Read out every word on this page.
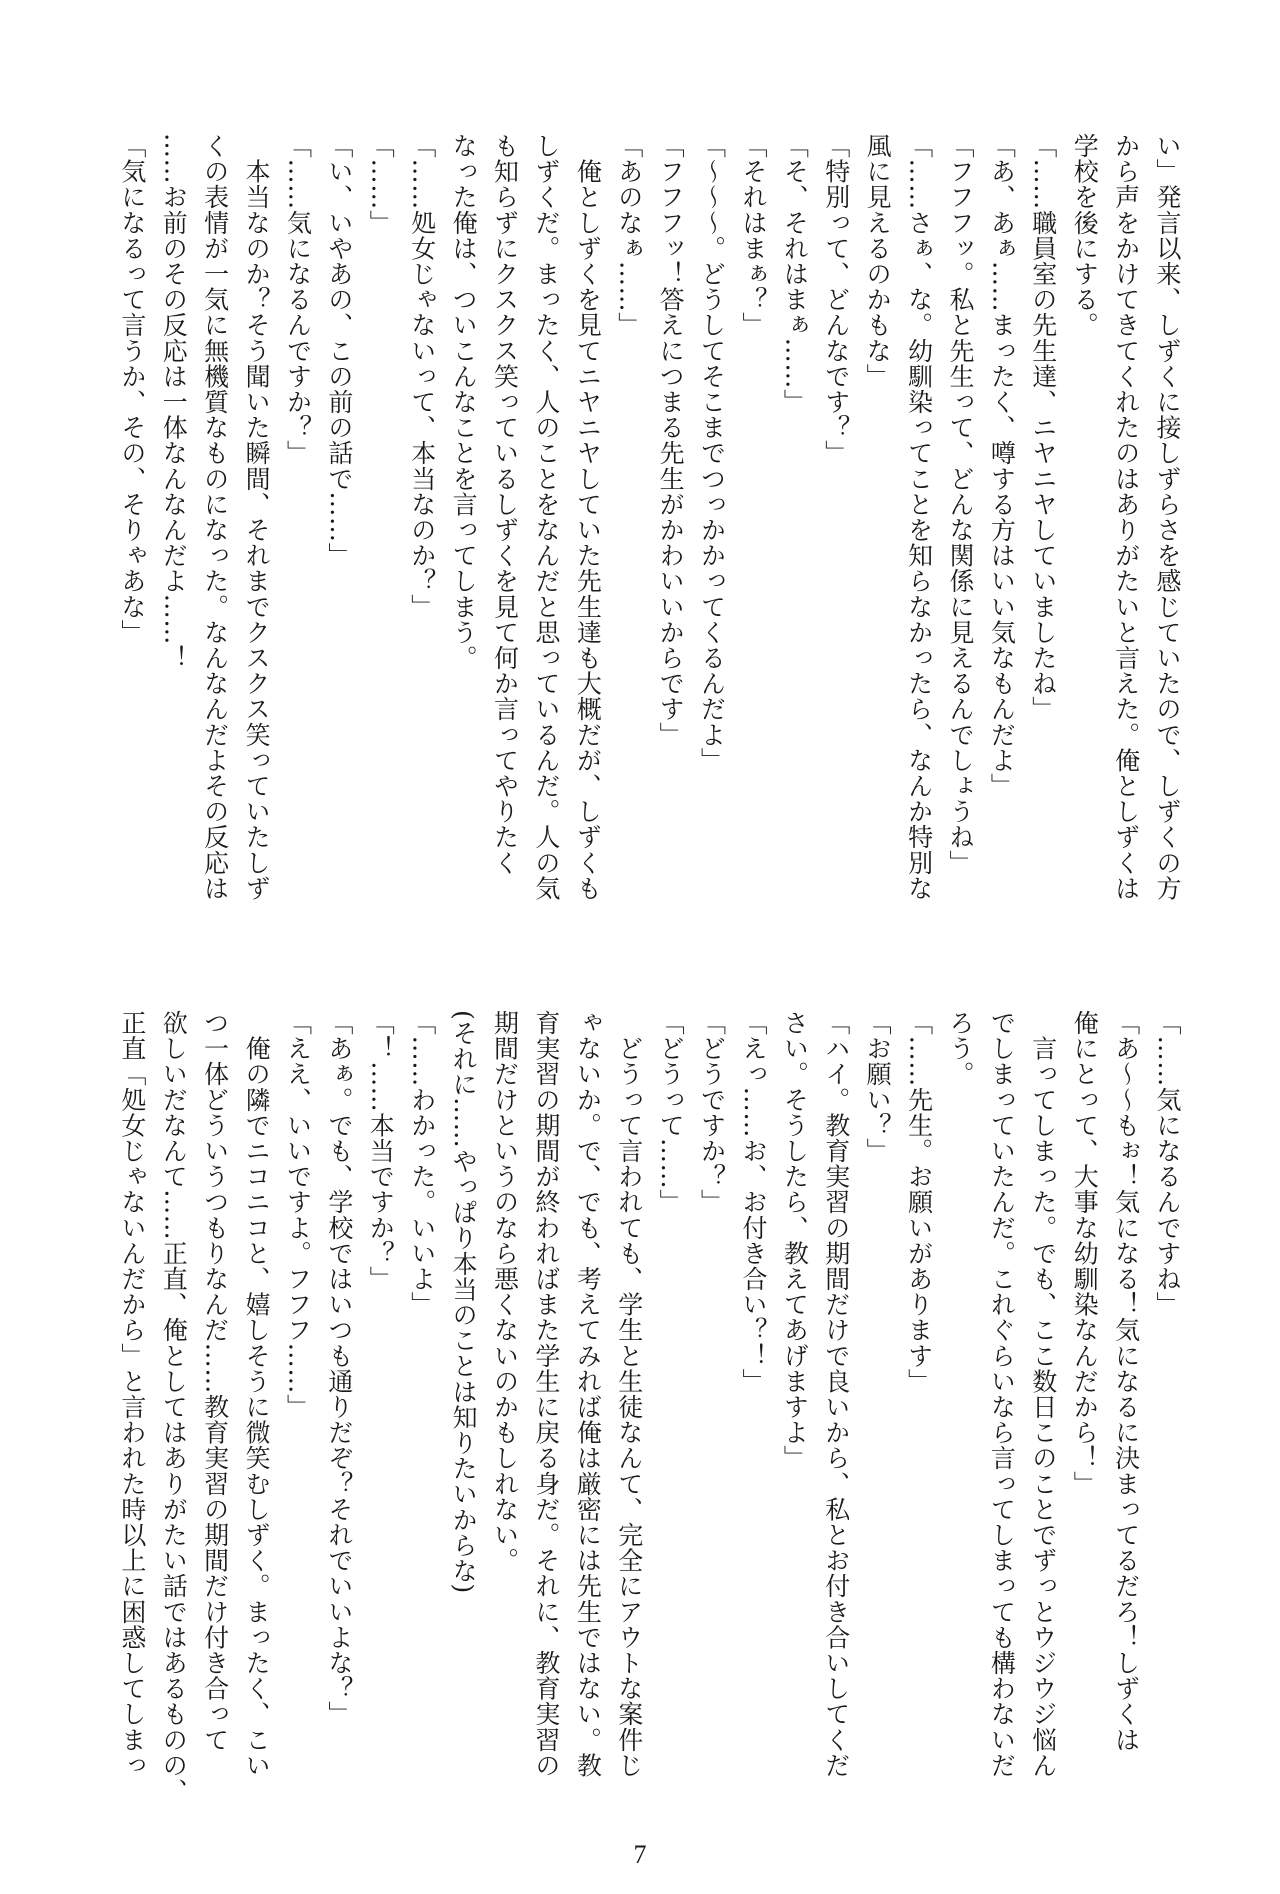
い」発言以来、しずくに接しずらさを感じていたので、しずくの方
から声をかけてきてくれたのはありがたいと言えた。俺としずくは
学校を後にする。
「……職員室の先生達、ニヤニヤしていましたね」
「あ、あぁ……まったく、噂する方はいい気なもんだよ」
「フフフッ。私と先生って、どんな関係に見えるんでしょうね」
「……さぁ、な。幼馴染ってことを知らなかったら、なんか特別な
風に見えるのかもな」
「特別って、どんなです？」
「そ、それはまぁ……」
「それはまぁ？」
「〜〜〜。どうしてそこまでつっかかってくるんだよ」
「フフフッ！答えにつまる先生がかわいいからです」
「あのなぁ……」
　俺としずくを見てニヤニヤしていた先生達も大概だが、しずくも
しずくだ。まったく、人のことをなんだと思っているんだ。人の気
も知らずにクスクス笑っているしずくを見て何か言ってやりたく
なった俺は、ついこんなことを言ってしまう。
「……処女じゃないって、本当なのか？」
「……」
「い、いやあの、この前の話で……」
「……気になるんですか？」
　本当なのか？そう聞いた瞬間、それまでクスクス笑っていたしず
くの表情が一気に無機質なものになった。なんなんだよその反応は
……お前のその反応は一体なんなんだよ……！
「気になるって言うか、その、そりゃあな」
「……気になるんですね」
「あ〜〜もぉ！気になる！気になるに決まってるだろ！しずくは
俺にとって、大事な幼馴染なんだから！」
　言ってしまった。でも、ここ数日このことでずっとウジウジ悩ん
でしまっていたんだ。これぐらいなら言ってしまっても構わないだ
ろう。
「……先生。お願いがあります」
「お願い？」
「ハイ。教育実習の期間だけで良いから、私とお付き合いしてくだ
さい。そうしたら、教えてあげますよ」
「えっ……お、お付き合い？！」
「どうですか？」
「どうって……」
　どうって言われても、学生と生徒なんて、完全にアウトな案件じ
ゃないか。で、でも、考えてみれば俺は厳密には先生ではない。教
育実習の期間が終わればまた学生に戻る身だ。それに、教育実習の
期間だけというのなら悪くないのかもしれない。
(それに……やっぱり本当のことは知りたいからな)
「……わかった。いいよ」
「！……本当ですか？」
「あぁ。でも、学校ではいつも通りだぞ？それでいいよな？」
「ええ、いいですよ。フフフ……」
　俺の隣でニコニコと、嬉しそうに微笑むしずく。まったく、こい
つ一体どういうつもりなんだ……教育実習の期間だけ付き合って
欲しいだなんて……正直、俺としてはありがたい話ではあるものの、
正直「処女じゃないんだから」と言われた時以上に困惑してしまっ
7
